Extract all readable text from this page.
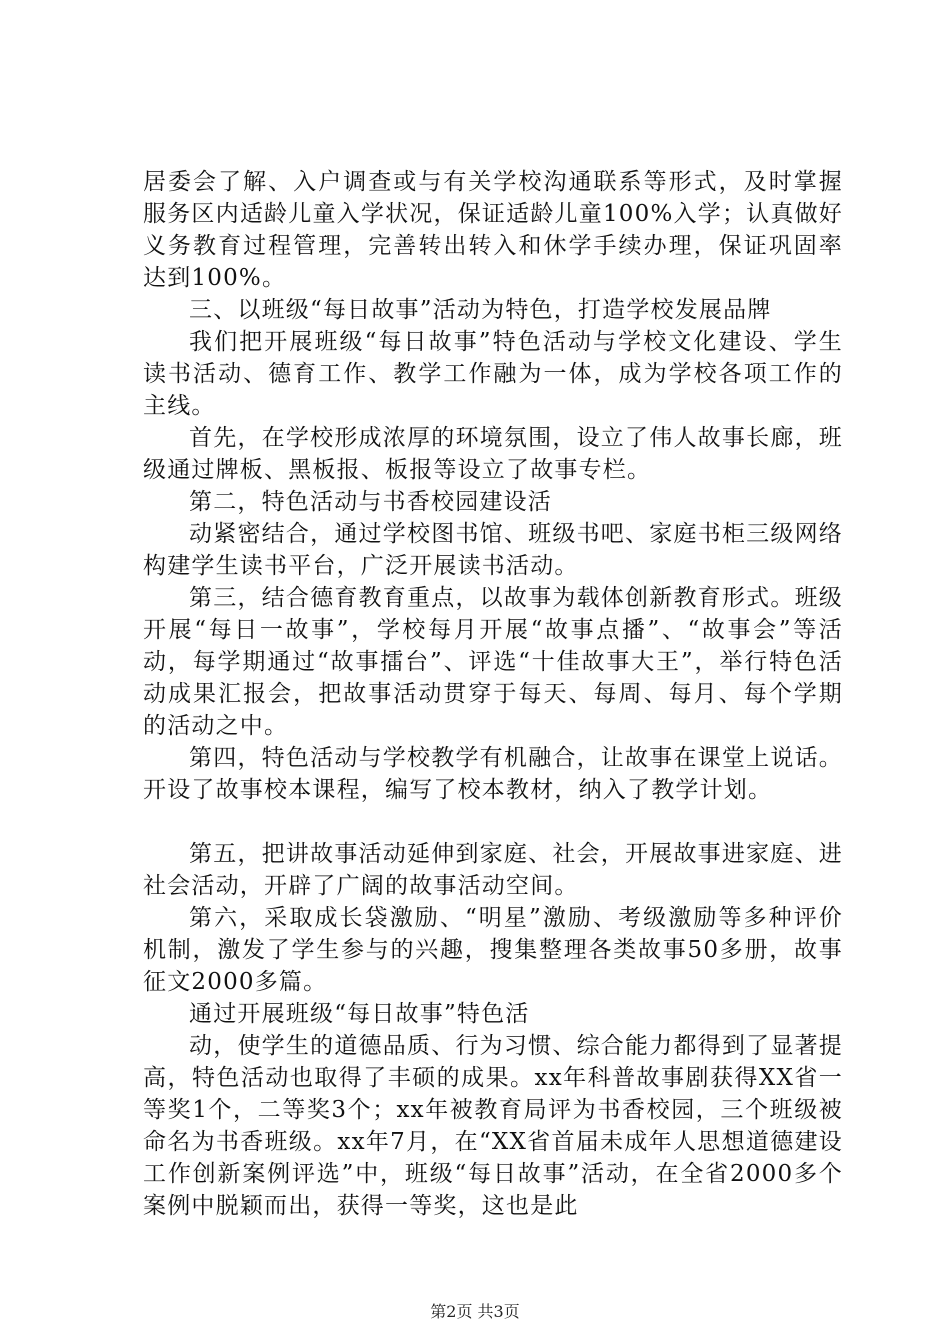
居委会了解、入户调查或与有关学校沟通联系等形式，及时掌握服务区内适龄儿童入学状况，保证适龄儿童100%入学；认真做好义务教育过程管理，完善转出转入和休学手续办理，保证巩固率达到100%。

三、以班级“每日故事”活动为特色，打造学校发展品牌

我们把开展班级“每日故事”特色活动与学校文化建设、学生读书活动、德育工作、教学工作融为一体，成为学校各项工作的主线。

首先，在学校形成浓厚的环境氛围，设立了伟人故事长廊，班级通过牌板、黑板报、板报等设立了故事专栏。

第二，特色活动与书香校园建设活

动紧密结合，通过学校图书馆、班级书吧、家庭书柜三级网络构建学生读书平台，广泛开展读书活动。

第三，结合德育教育重点，以故事为载体创新教育形式。班级开展“每日一故事”，学校每月开展“故事点播”、“故事会”等活动，每学期通过“故事擂台”、评选“十佳故事大王”，举行特色活动成果汇报会，把故事活动贯穿于每天、每周、每月、每个学期的活动之中。

第四，特色活动与学校教学有机融合，让故事在课堂上说话。开设了故事校本课程，编写了校本教材，纳入了教学计划。

第五，把讲故事活动延伸到家庭、社会，开展故事进家庭、进社会活动，开辟了广阔的故事活动空间。

第六，采取成长袋激励、“明星”激励、考级激励等多种评价机制，激发了学生参与的兴趣，搜集整理各类故事50多册，故事征文2000多篇。

通过开展班级“每日故事”特色活

动，使学生的道德品质、行为习惯、综合能力都得到了显著提高，特色活动也取得了丰硕的成果。xx年科普故事剧获得XX省一等奖1个，二等奖3个；xx年被教育局评为书香校园，三个班级被命名为书香班级。xx年7月，在“XX省首届未成年人思想道德建设工作创新案例评选”中，班级“每日故事”活动，在全省2000多个案例中脱颖而出，获得一等奖，这也是此

第2页 共3页
